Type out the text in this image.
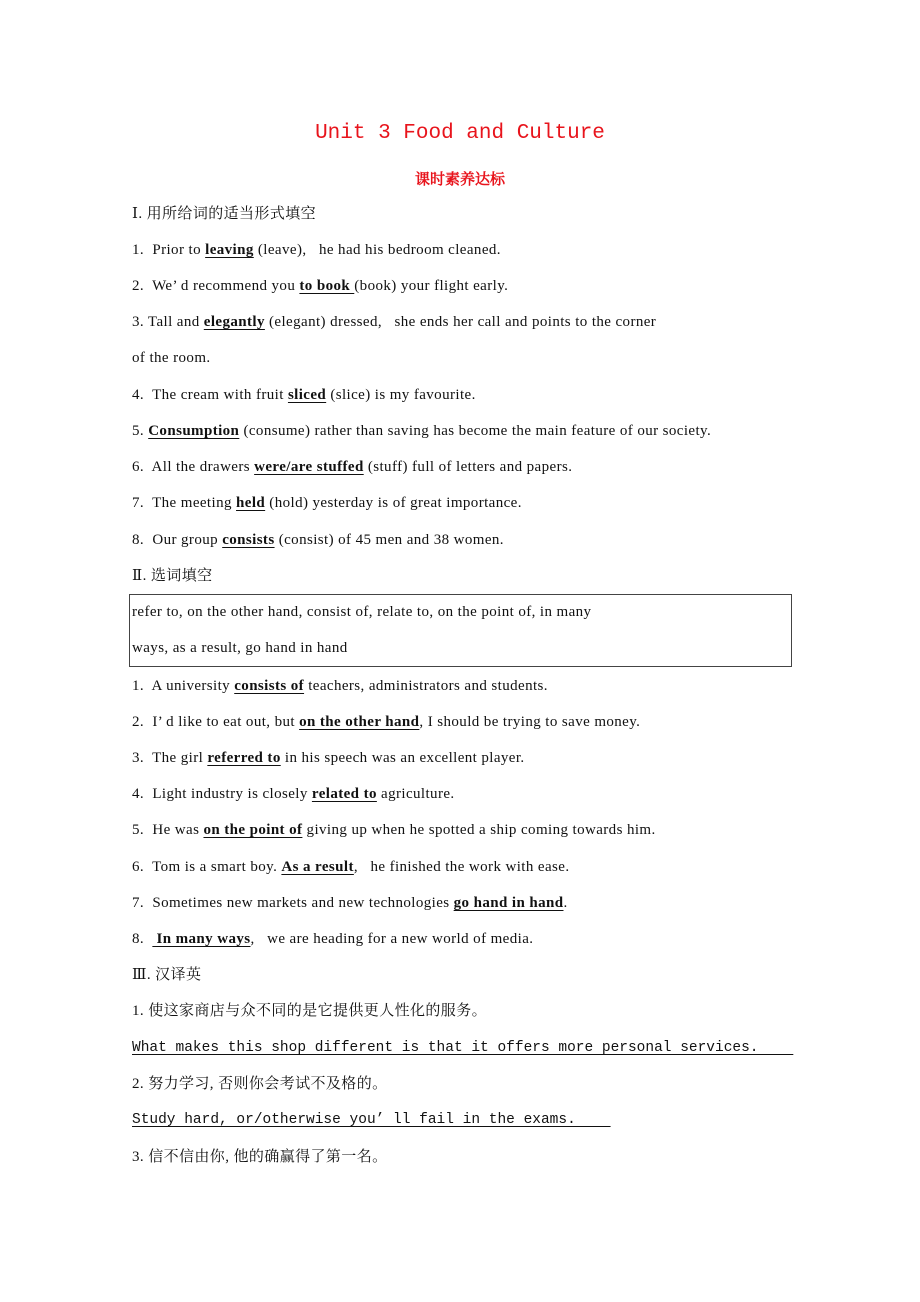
Unit 3 Food and Culture
课时素养达标
refer to, on the other hand, consist of, relate to, on the point of, in many
ways, as a result, go hand in hand
Ⅰ. 用所给词的适当形式填空
1.  Prior to leaving (leave),   he had his bedroom cleaned.
2.  We’ d recommend you to book (book) your flight early.
3. Tall and elegantly (elegant) dressed,   she ends her call and points to the corner
of the room.
4.  The cream with fruit sliced (slice) is my favourite.
5. Consumption (consume) rather than saving has become the main feature of our society.
6.  All the drawers were/are stuffed (stuff) full of letters and papers.
7.  The meeting held (hold) yesterday is of great importance.
8.  Our group consists (consist) of 45 men and 38 women.
Ⅱ. 选词填空
1.  A university consists of teachers, administrators and students.
2.  I’ d like to eat out, but on the other hand, I should be trying to save money.
3.  The girl referred to in his speech was an excellent player.
4.  Light industry is closely related to agriculture.
5.  He was on the point of giving up when he spotted a ship coming towards him.
6.  Tom is a smart boy. As a result,   he finished the work with ease.
7.  Sometimes new markets and new technologies go hand in hand.
8.   In many ways,   we are heading for a new world of media.
Ⅲ. 汉译英
1. 使这家商店与众不同的是它提供更人性化的服务。
What makes this shop different is that it offers more personal services.
2. 努力学习, 否则你会考试不及格的。
Study hard, or/otherwise you’ ll fail in the exams.
3. 信不信由你, 他的确赢得了第一名。
